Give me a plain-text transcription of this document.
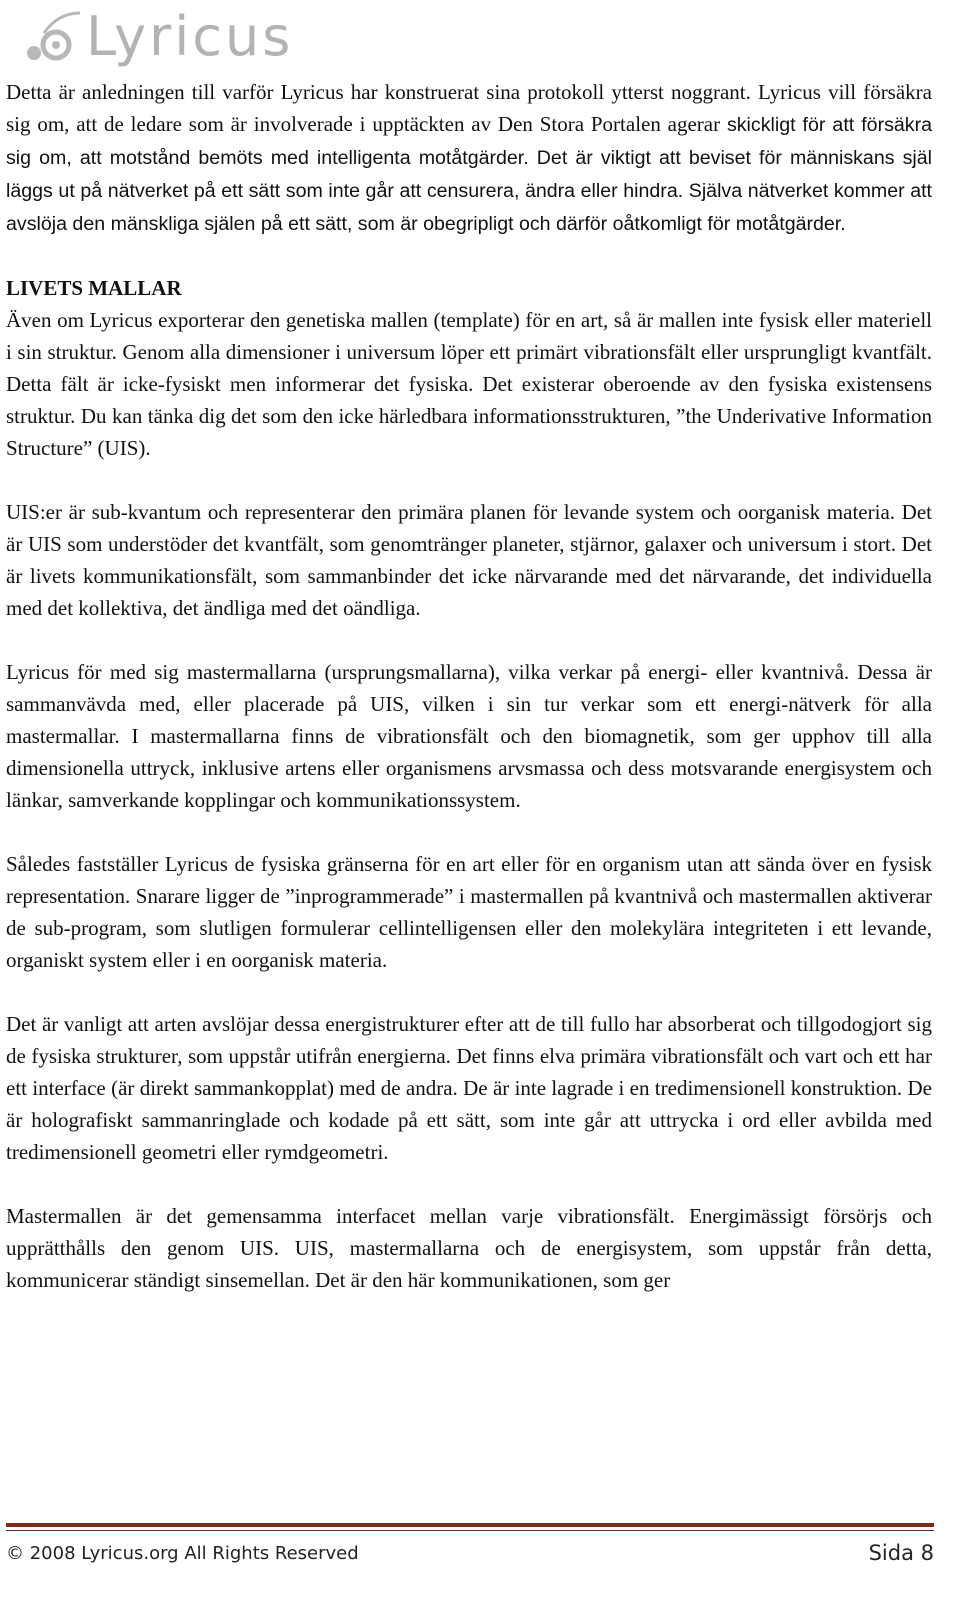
Lyricus

Detta är anledningen till varför Lyricus har konstruerat sina protokoll ytterst noggrant. Lyricus vill försäkra sig om, att de ledare som är involverade i upptäckten av Den Stora Portalen agerar skickligt för att försäkra sig om, att motstånd bemöts med intelligenta motåtgärder. Det är viktigt att beviset för människans själ läggs ut på nätverket på ett sätt som inte går att censurera, ändra eller hindra. Själva nätverket kommer att avslöja den mänskliga själen på ett sätt, som är obegripligt och därför oåtkomligt för motåtgärder.

LIVETS MALLAR

Även om Lyricus exporterar den genetiska mallen (template) för en art, så är mallen inte fysisk eller materiell i sin struktur. Genom alla dimensioner i universum löper ett primärt vibrationsfält eller ursprungligt kvantfält. Detta fält är icke-fysiskt men informerar det fysiska. Det existerar oberoende av den fysiska existensens struktur. Du kan tänka dig det som den icke härledbara informationsstrukturen, ”the Underivative Information Structure” (UIS).

UIS:er är sub-kvantum och representerar den primära planen för levande system och oorganisk materia. Det är UIS som understöder det kvantfält, som genomtränger planeter, stjärnor, galaxer och universum i stort. Det är livets kommunikationsfält, som sammanbinder det icke närvarande med det närvarande, det individuella med det kollektiva, det ändliga med det oändliga.

Lyricus för med sig mastermallarna (ursprungsmallarna), vilka verkar på energi- eller kvantnivå. Dessa är sammanvävda med, eller placerade på UIS, vilken i sin tur verkar som ett energi-nätverk för alla mastermallar. I mastermallarna finns de vibrationsfält och den biomagnetik, som ger upphov till alla dimensionella uttryck, inklusive artens eller organismens arvsmassa och dess motsvarande energisystem och länkar, samverkande kopplingar och kommunikationssystem.

Således fastställer Lyricus de fysiska gränserna för en art eller för en organism utan att sända över en fysisk representation. Snarare ligger de ”inprogrammerade” i mastermallen på kvantnivå och mastermallen aktiverar de sub-program, som slutligen formulerar cellintelligensen eller den molekylära integriteten i ett levande, organiskt system eller i en oorganisk materia.

Det är vanligt att arten avslöjar dessa energistrukturer efter att de till fullo har absorberat och tillgodogjort sig de fysiska strukturer, som uppstår utifrån energierna. Det finns elva primära vibrationsfält och vart och ett har ett interface (är direkt sammankopplat) med de andra. De är inte lagrade i en tredimensionell konstruktion. De är holografiskt sammanringlade och kodade på ett sätt, som inte går att uttrycka i ord eller avbilda med tredimensionell geometri eller rymdgeometri.

Mastermallen är det gemensamma interfacet mellan varje vibrationsfält. Energimässigt försörjs och upprätthålls den genom UIS. UIS, mastermallarna och de energisystem, som uppstår från detta, kommunicerar ständigt sinsemellan. Det är den här kommunikationen, som ger

© 2008 Lyricus.org All Rights Reserved	Sida 8
